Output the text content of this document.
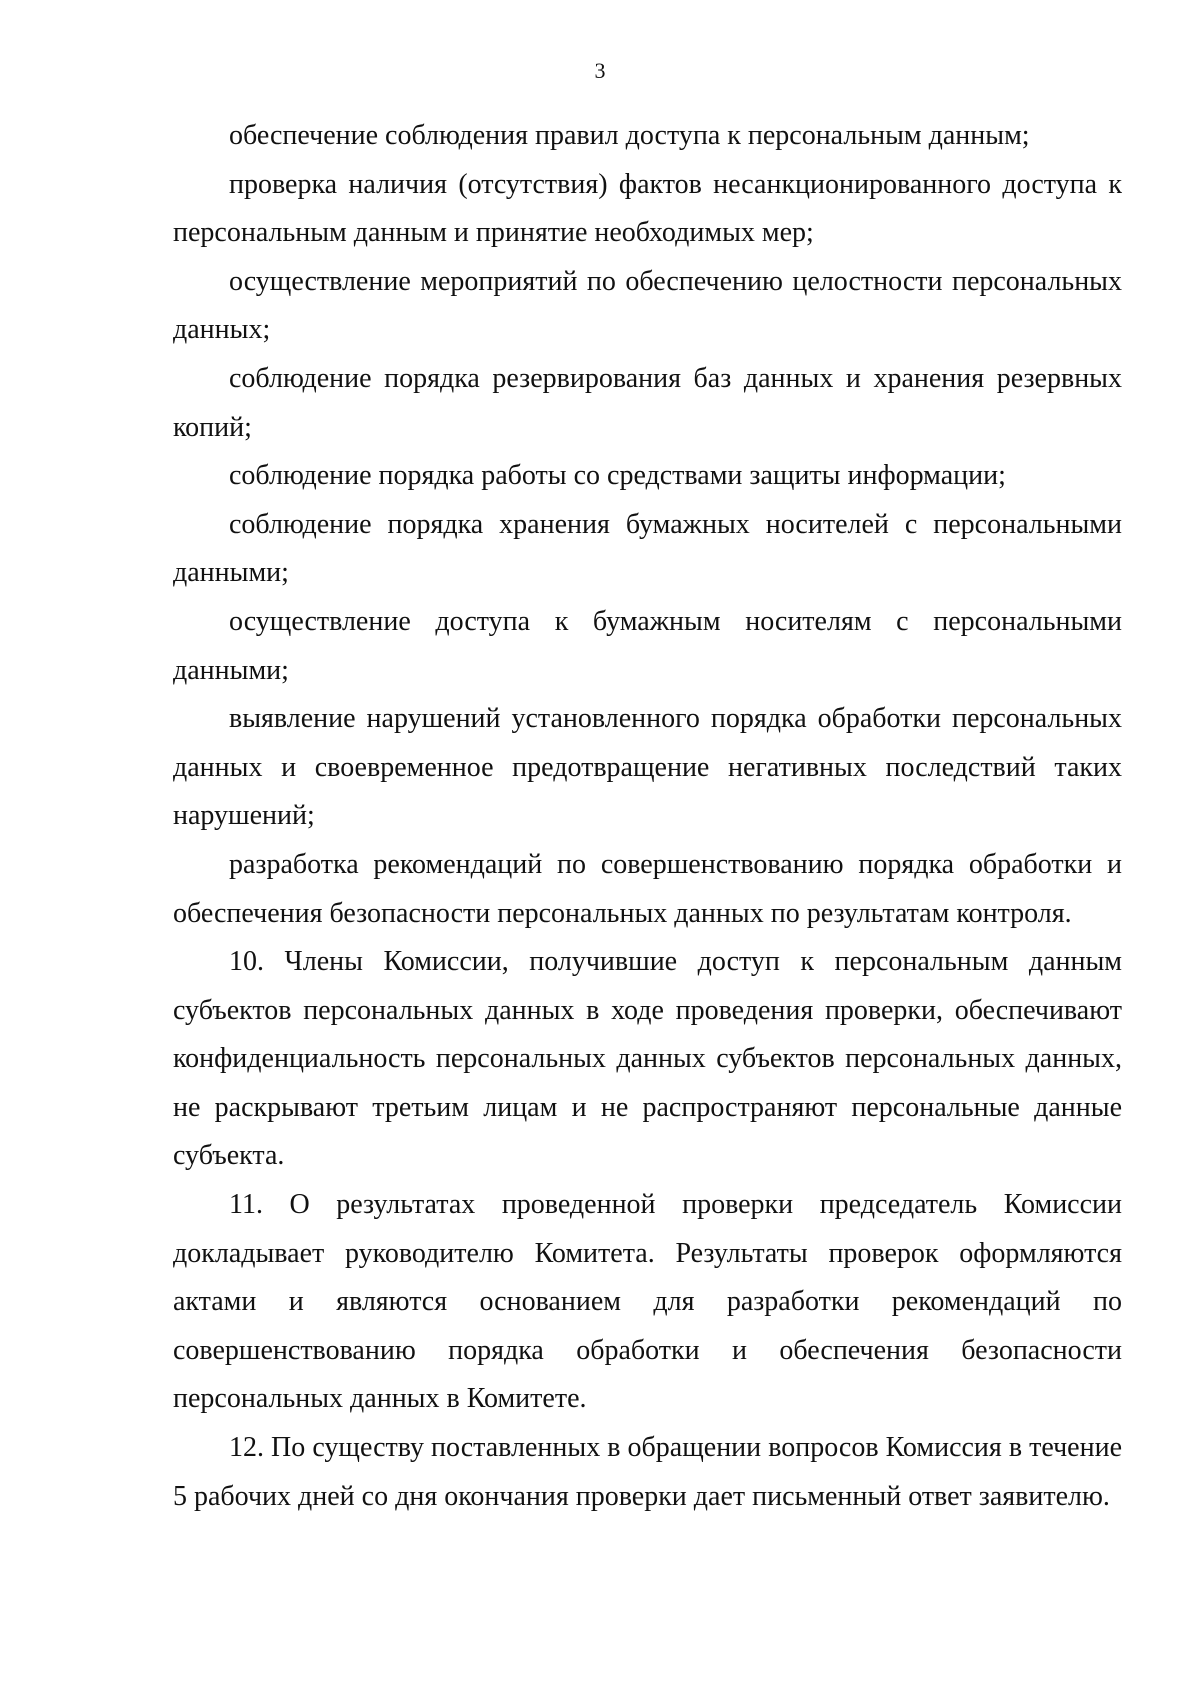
3

обеспечение соблюдения правил доступа к персональным данным;

проверка наличия (отсутствия) фактов несанкционированного доступа к персональным данным и принятие необходимых мер;

осуществление мероприятий по обеспечению целостности персональных данных;

соблюдение порядка резервирования баз данных и хранения резервных копий;

соблюдение порядка работы со средствами защиты информации;

соблюдение порядка хранения бумажных носителей с персональными данными;

осуществление доступа к бумажным носителям с персональными данными;

выявление нарушений установленного порядка обработки персональных данных и своевременное предотвращение негативных последствий таких нарушений;

разработка рекомендаций по совершенствованию порядка обработки и обеспечения безопасности персональных данных по результатам контроля.

10. Члены Комиссии, получившие доступ к персональным данным субъектов персональных данных в ходе проведения проверки, обеспечивают конфиденциальность персональных данных субъектов персональных данных, не раскрывают третьим лицам и не распространяют персональные данные субъекта.

11. О результатах проведенной проверки председатель Комиссии докладывает руководителю Комитета. Результаты проверок оформляются актами и являются основанием для разработки рекомендаций по совершенствованию порядка обработки и обеспечения безопасности персональных данных в Комитете.

12. По существу поставленных в обращении вопросов Комиссия в течение 5 рабочих дней со дня окончания проверки дает письменный ответ заявителю.
